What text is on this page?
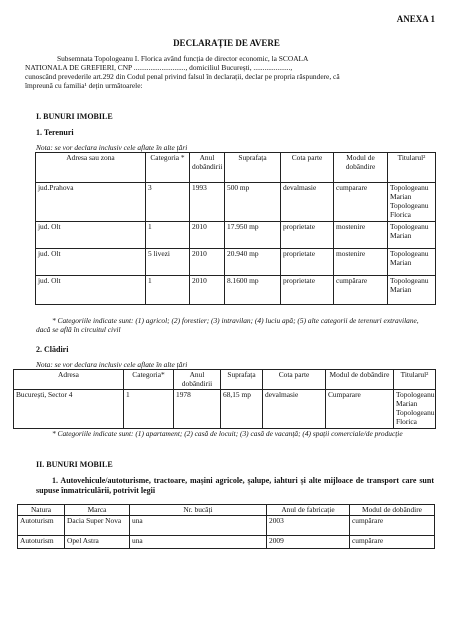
ANEXA 1
DECLARAȚIE DE AVERE
Subsemnata Topologeanu I. Florica având funcția de director economic, la SCOALA
NATIONALA DE GREFIERI, CNP ............................, domiciliul București, ....................,
cunoscând prevederile art.292 din Codul penal privind falsul în declarații, declar pe propria răspundere, că
împreună cu familia¹ dețin următoarele:
I. BUNURI IMOBILE
1. Terenuri
Nota: se vor declara inclusiv cele aflate în alte țări
Adresa sau zona	Categoria *	Anul dobândirii	Suprafața	Cota parte	Modul de dobândire	Titularul²
jud.Prahova	3	1993	500 mp	devalmasie	cumparare	Topologeanu Marian Topologeanu Florica
jud. Olt	1	2010	17.950 mp	proprietate	mostenire	Topologeanu Marian
jud. Olt	5 livezi	2010	20.940 mp	proprietate	mostenire	Topologeanu Marian
jud. Olt	1	2010	8.1600 mp	proprietate	cumpărare	Topologeanu Marian
* Categoriile indicate sunt: (1) agricol; (2) forestier; (3) intravilan; (4) luciu apă; (5) alte categorii de terenuri extravilane, dacă se află în circuitul civil
2. Clădiri
Nota: se vor declara inclusiv cele aflate în alte țări
Adresa	Categoria*	Anul dobândirii	Suprafața	Cota parte	Modul de dobândire	Titularul²
București, Sector 4	1	1978	68,15 mp	devalmasie	Cumparare	Topologeanu Marian Topologeanu Florica
* Categoriile indicate sunt: (1) apartament; (2) casă de locuit; (3) casă de vacanță; (4) spații comerciale/de producție
II. BUNURI MOBILE
1. Autovehicule/autoturisme, tractoare, mașini agricole, șalupe, iahturi și alte mijloace de transport care sunt supuse înmatriculării, potrivit legii
Natura	Marca	Nr. bucăți	Anul de fabricație	Modul de dobândire
Autoturism	Dacia Super Nova	una	2003	cumpărare
Autoturism	Opel Astra	una	2009	cumpărare
